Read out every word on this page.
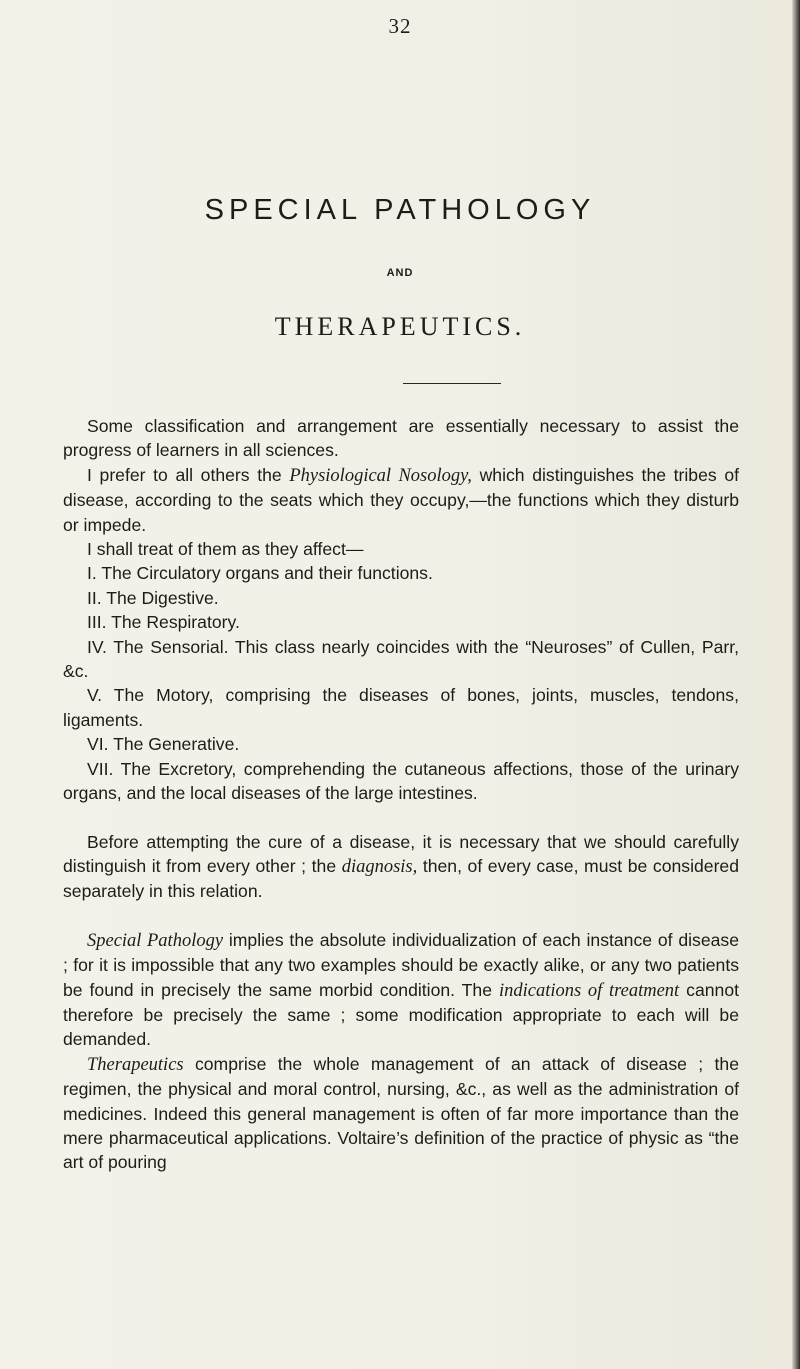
32
SPECIAL PATHOLOGY
AND
THERAPEUTICS.

Some classification and arrangement are essentially necessary to assist the progress of learners in all sciences.

I prefer to all others the Physiological Nosology, which distinguishes the tribes of disease, according to the seats which they occupy,—the functions which they disturb or impede.

I shall treat of them as they affect—

I. The Circulatory organs and their functions.

II. The Digestive.

III. The Respiratory.

IV. The Sensorial. This class nearly coincides with the “Neuroses” of Cullen, Parr, &c.

V. The Motory, comprising the diseases of bones, joints, muscles, tendons, ligaments.

VI. The Generative.

VII. The Excretory, comprehending the cutaneous affections, those of the urinary organs, and the local diseases of the large intestines.

Before attempting the cure of a disease, it is necessary that we should carefully distinguish it from every other ; the diagnosis, then, of every case, must be considered separately in this relation.

Special Pathology implies the absolute individualization of each instance of disease ; for it is impossible that any two examples should be exactly alike, or any two patients be found in precisely the same morbid condition. The indications of treatment cannot therefore be precisely the same ; some modification appropriate to each will be demanded.

Therapeutics comprise the whole management of an attack of disease ; the regimen, the physical and moral control, nursing, &c., as well as the administration of medicines. Indeed this general management is often of far more importance than the mere pharmaceutical applications. Voltaire’s definition of the practice of physic as “the art of pouring
